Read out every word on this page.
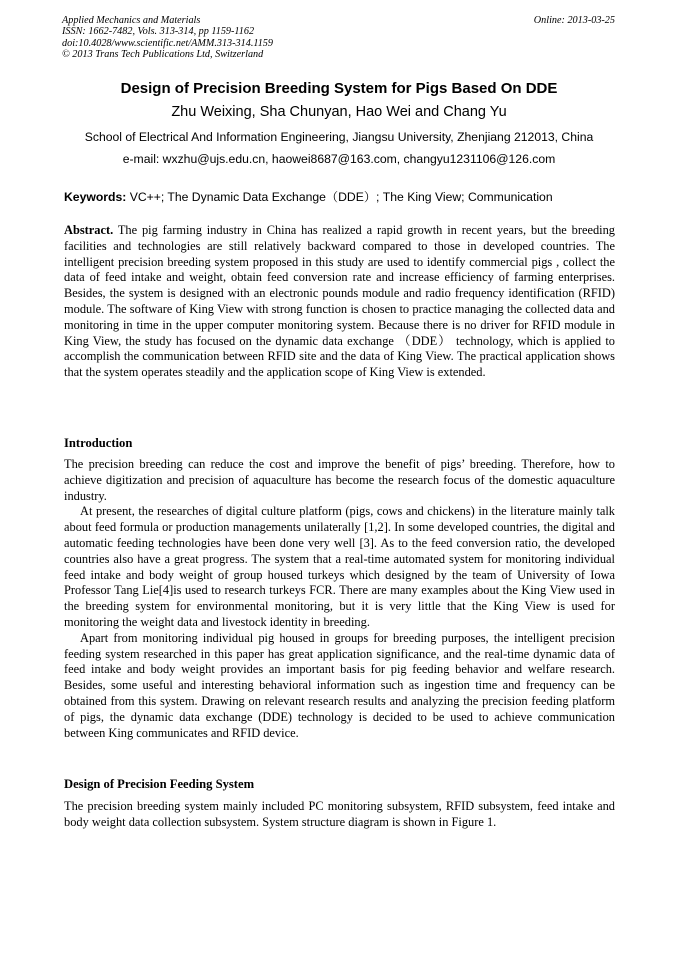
Applied Mechanics and Materials
ISSN: 1662-7482, Vols. 313-314, pp 1159-1162
doi:10.4028/www.scientific.net/AMM.313-314.1159
© 2013 Trans Tech Publications Ltd, Switzerland
Online: 2013-03-25
Design of Precision Breeding System for Pigs Based On DDE
Zhu Weixing, Sha Chunyan, Hao Wei and Chang Yu
School of Electrical And Information Engineering, Jiangsu University, Zhenjiang 212013, China
e-mail: wxzhu@ujs.edu.cn, haowei8687@163.com, changyu1231106@126.com
Keywords: VC++; The Dynamic Data Exchange（DDE）; The King View; Communication

Abstract. The pig farming industry in China has realized a rapid growth in recent years, but the breeding facilities and technologies are still relatively backward compared to those in developed countries. The intelligent precision breeding system proposed in this study are used to identify commercial pigs , collect the data of feed intake and weight, obtain feed conversion rate and increase efficiency of farming enterprises. Besides, the system is designed with an electronic pounds module and radio frequency identification (RFID) module. The software of King View with strong function is chosen to practice managing the collected data and monitoring in time in the upper computer monitoring system. Because there is no driver for RFID module in King View, the study has focused on the dynamic data exchange （DDE） technology, which is applied to accomplish the communication between RFID site and the data of King View. The practical application shows that the system operates steadily and the application scope of King View is extended.

Introduction

The precision breeding can reduce the cost and improve the benefit of pigs’ breeding. Therefore, how to achieve digitization and precision of aquaculture has become the research focus of the domestic aquaculture industry.

At present, the researches of digital culture platform (pigs, cows and chickens) in the literature mainly talk about feed formula or production managements unilaterally [1,2]. In some developed countries, the digital and automatic feeding technologies have been done very well [3]. As to the feed conversion ratio, the developed countries also have a great progress. The system that a real-time automated system for monitoring individual feed intake and body weight of group housed turkeys which designed by the team of University of Iowa Professor Tang Lie[4]is used to research turkeys FCR. There are many examples about the King View used in the breeding system for environmental monitoring, but it is very little that the King View is used for monitoring the weight data and livestock identity in breeding.

Apart from monitoring individual pig housed in groups for breeding purposes, the intelligent precision feeding system researched in this paper has great application significance, and the real-time dynamic data of feed intake and body weight provides an important basis for pig feeding behavior and welfare research. Besides, some useful and interesting behavioral information such as ingestion time and frequency can be obtained from this system. Drawing on relevant research results and analyzing the precision feeding platform of pigs, the dynamic data exchange (DDE) technology is decided to be used to achieve communication between King communicates and RFID device.

Design of Precision Feeding System

The precision breeding system mainly included PC monitoring subsystem, RFID subsystem, feed intake and body weight data collection subsystem. System structure diagram is shown in Figure 1.
